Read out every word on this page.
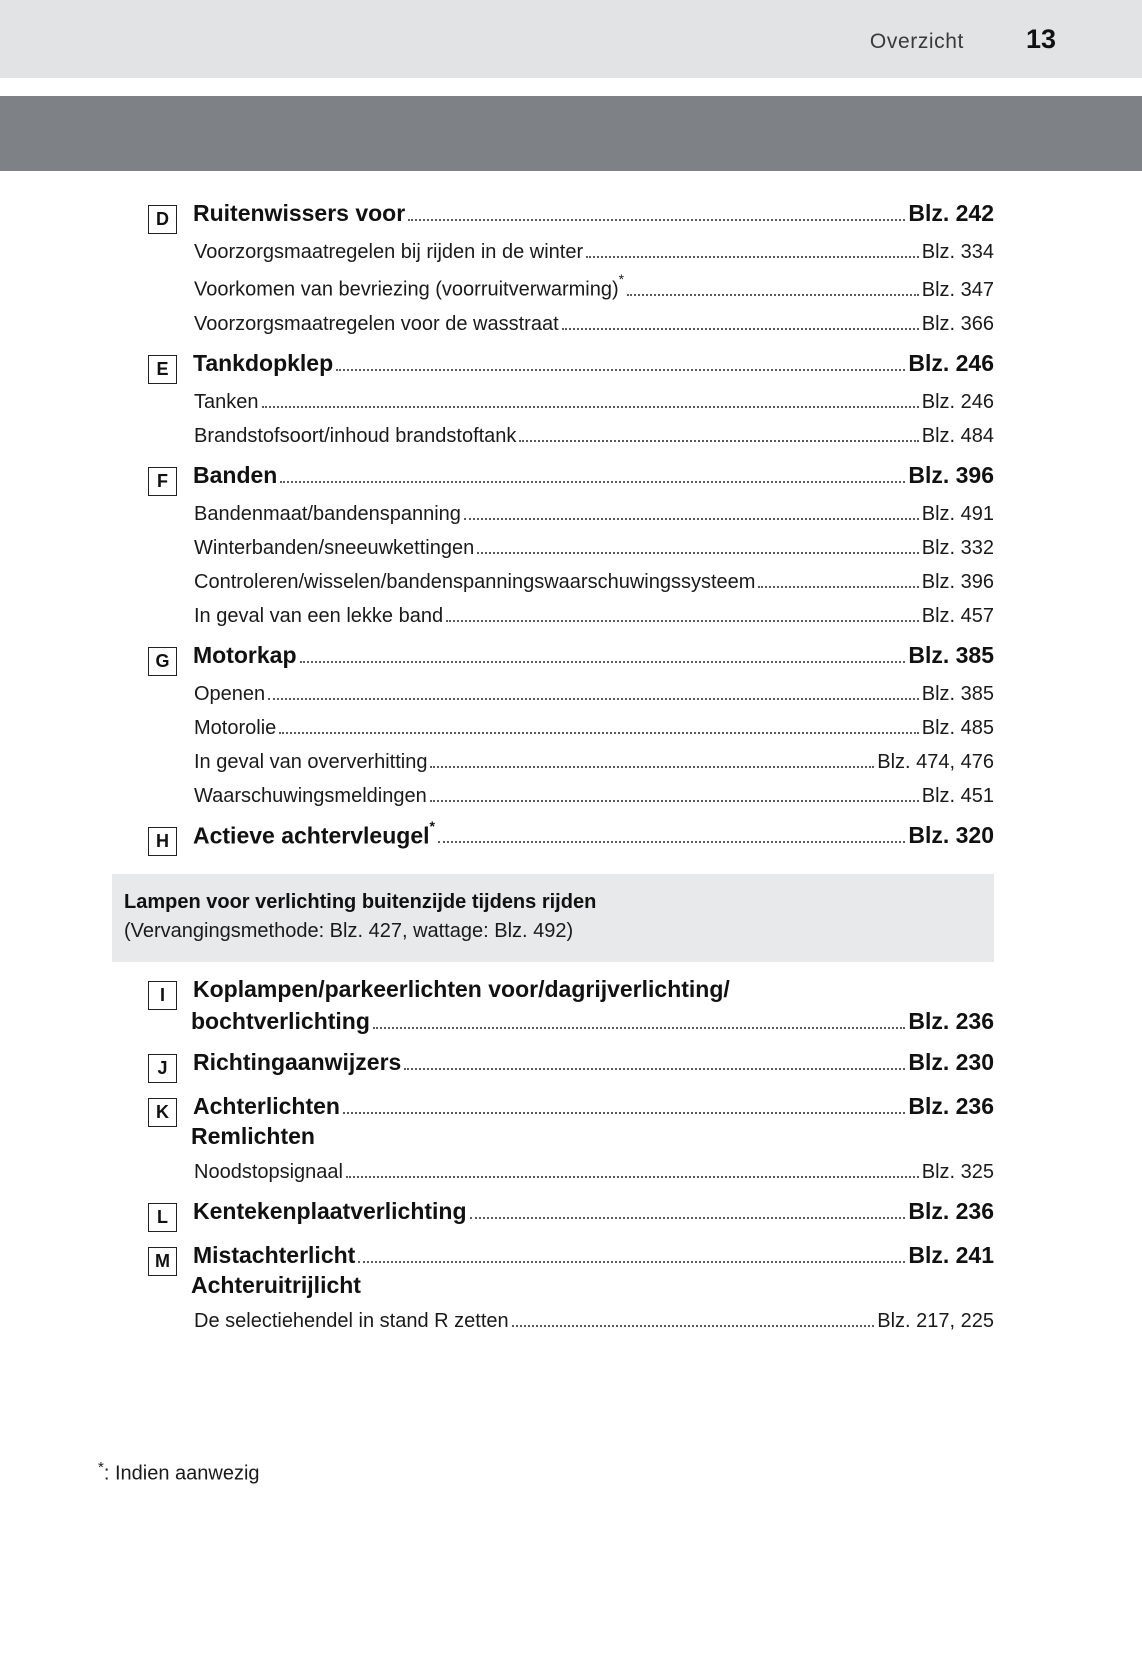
Overzicht 13
D	Ruitenwissers voor	Blz. 242
Voorzorgsmaatregelen bij rijden in de winter	Blz. 334
Voorkomen van bevriezing (voorruitverwarming)*	Blz. 347
Voorzorgsmaatregelen voor de wasstraat	Blz. 366
E	Tankdopklep	Blz. 246
Tanken	Blz. 246
Brandstofsoort/inhoud brandstoftank	Blz. 484
F	Banden	Blz. 396
Bandenmaat/bandenspanning	Blz. 491
Winterbanden/sneeuwkettingen	Blz. 332
Controleren/wisselen/bandenspanningswaarschuwingssysteem	Blz. 396
In geval van een lekke band	Blz. 457
G	Motorkap	Blz. 385
Openen	Blz. 385
Motorolie	Blz. 485
In geval van oververhitting	Blz. 474, 476
Waarschuwingsmeldingen	Blz. 451
H	Actieve achtervleugel*	Blz. 320
Lampen voor verlichting buitenzijde tijdens rijden
(Vervangingsmethode: Blz. 427, wattage: Blz. 492)
I	Koplampen/parkeerlichten voor/dagrijverlichting/
bochtverlichting	Blz. 236
J	Richtingaanwijzers	Blz. 230
K	Achterlichten	Blz. 236
Remlichten
Noodstopsignaal	Blz. 325
L	Kentekenplaatverlichting	Blz. 236
M	Mistachterlicht	Blz. 241
Achteruitrijlicht
De selectiehendel in stand R zetten	Blz. 217, 225
*: Indien aanwezig
